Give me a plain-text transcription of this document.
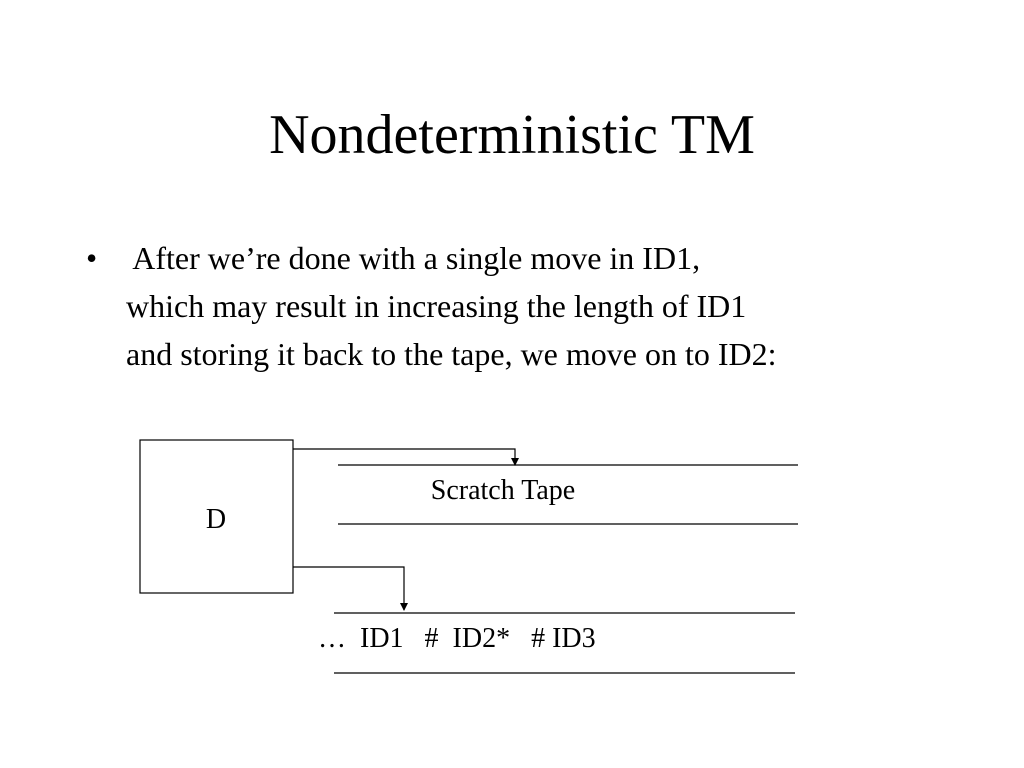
Nondeterministic TM
• After we’re done with a single move in ID1,
which may result in increasing the length of ID1
and storing it back to the tape, we move on to ID2:
D
Scratch Tape
…  ID1   #  ID2*   # ID3
